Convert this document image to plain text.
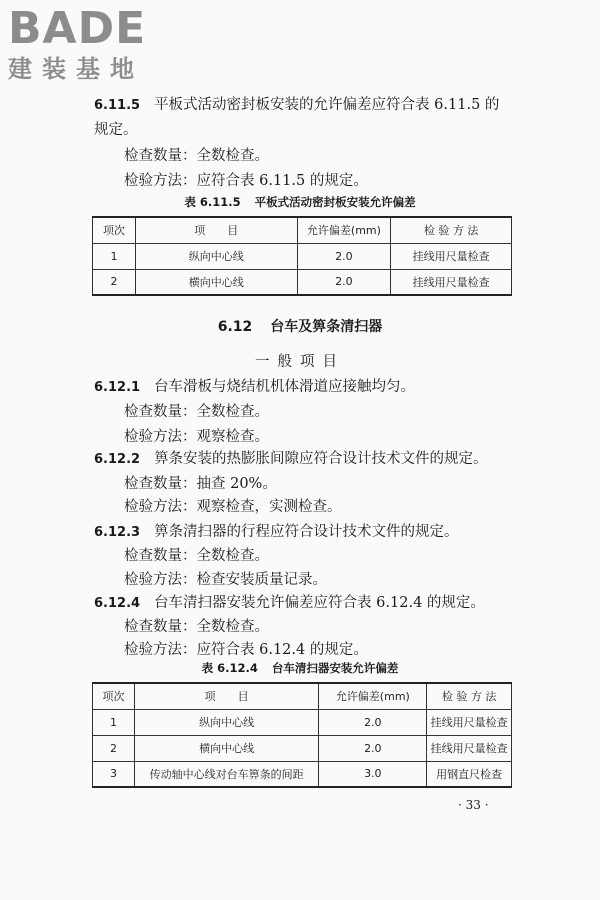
BADE
建装基地
6.11.5 平板式活动密封板安装的允许偏差应符合表 6.11.5 的
规定。
检查数量：全数检查。
检验方法：应符合表 6.11.5 的规定。
表 6.11.5 平板式活动密封板安装允许偏差
项次	项　　目	允许偏差(mm)	检 验 方 法
1	纵向中心线	2.0	挂线用尺量检查
2	横向中心线	2.0	挂线用尺量检查
6.12 台车及箅条清扫器
一般项目
6.12.1 台车滑板与烧结机机体滑道应接触均匀。
检查数量：全数检查。
检验方法：观察检查。
6.12.2 箅条安装的热膨胀间隙应符合设计技术文件的规定。
检查数量：抽查 20%。
检验方法：观察检查，实测检查。
6.12.3 箅条清扫器的行程应符合设计技术文件的规定。
检查数量：全数检查。
检验方法：检查安装质量记录。
6.12.4 台车清扫器安装允许偏差应符合表 6.12.4 的规定。
检查数量：全数检查。
检验方法：应符合表 6.12.4 的规定。
表 6.12.4 台车清扫器安装允许偏差
项次	项　　目	允许偏差(mm)	检 验 方 法
1	纵向中心线	2.0	挂线用尺量检查
2	横向中心线	2.0	挂线用尺量检查
3	传动轴中心线对台车箅条的间距	3.0	用钢直尺检查
· 33 ·
